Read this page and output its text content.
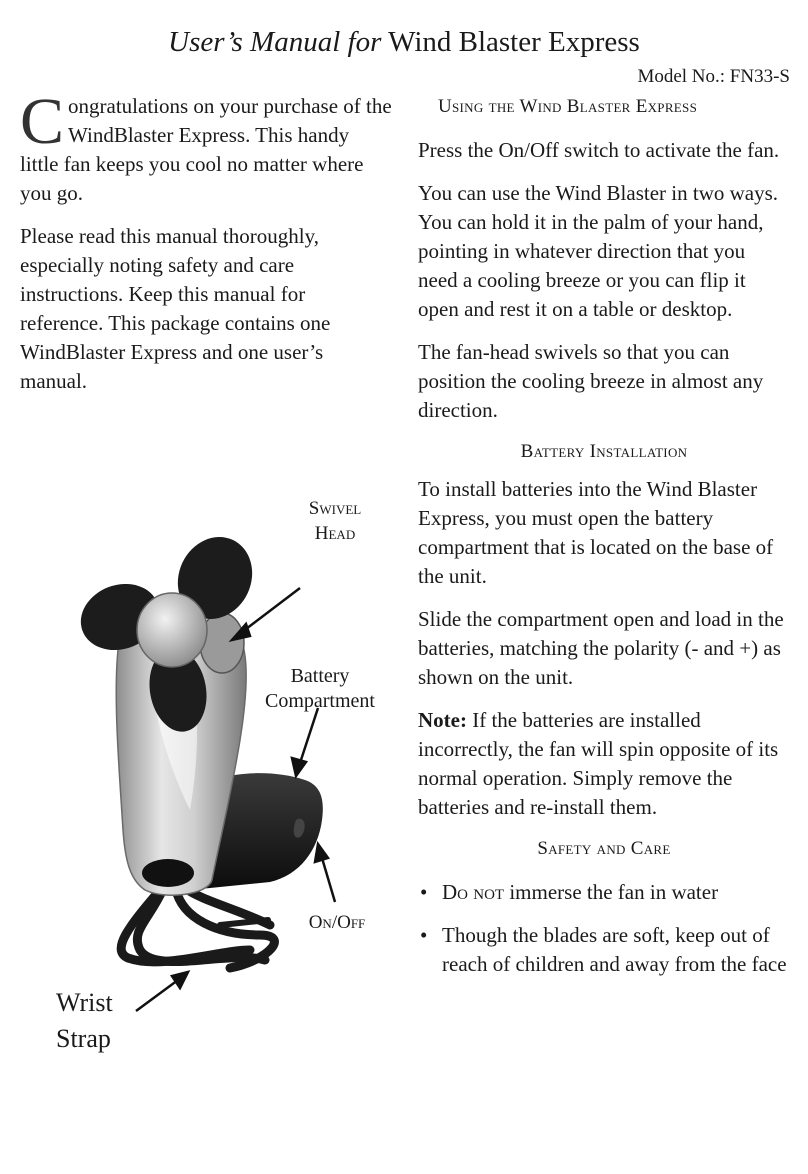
User’s Manual for Wind Blaster Express
Model No.: FN33-S

Congratulations on your purchase of the WindBlaster Express. This handy little fan keeps you cool no matter where you go.

Please read this manual thoroughly, especially noting safety and care instructions. Keep this manual for reference. This package contains one WindBlaster Express and one user’s manual.

Swivel
Head
Battery
Compartment
On/Off
Wrist
Strap
Using the Wind Blaster Express

Press the On/Off switch to activate the fan.

You can use the Wind Blaster in two ways. You can hold it in the palm of your hand, pointing in whatever direction that you need a cooling breeze or you can flip it open and rest it on a table or desktop.

The fan-head swivels so that you can position the cooling breeze in almost any direction.

Battery Installation

To install batteries into the Wind Blaster Express, you must open the battery compartment that is located on the base of the unit.

Slide the compartment open and load in the batteries, matching the polarity (- and +) as shown on the unit.

Note: If the batteries are installed incorrectly, the fan will spin opposite of its normal operation. Simply remove the batteries and re-install them.

Safety and Care
• Do not immerse the fan in water
• Though the blades are soft, keep out of reach of children and away from the face
